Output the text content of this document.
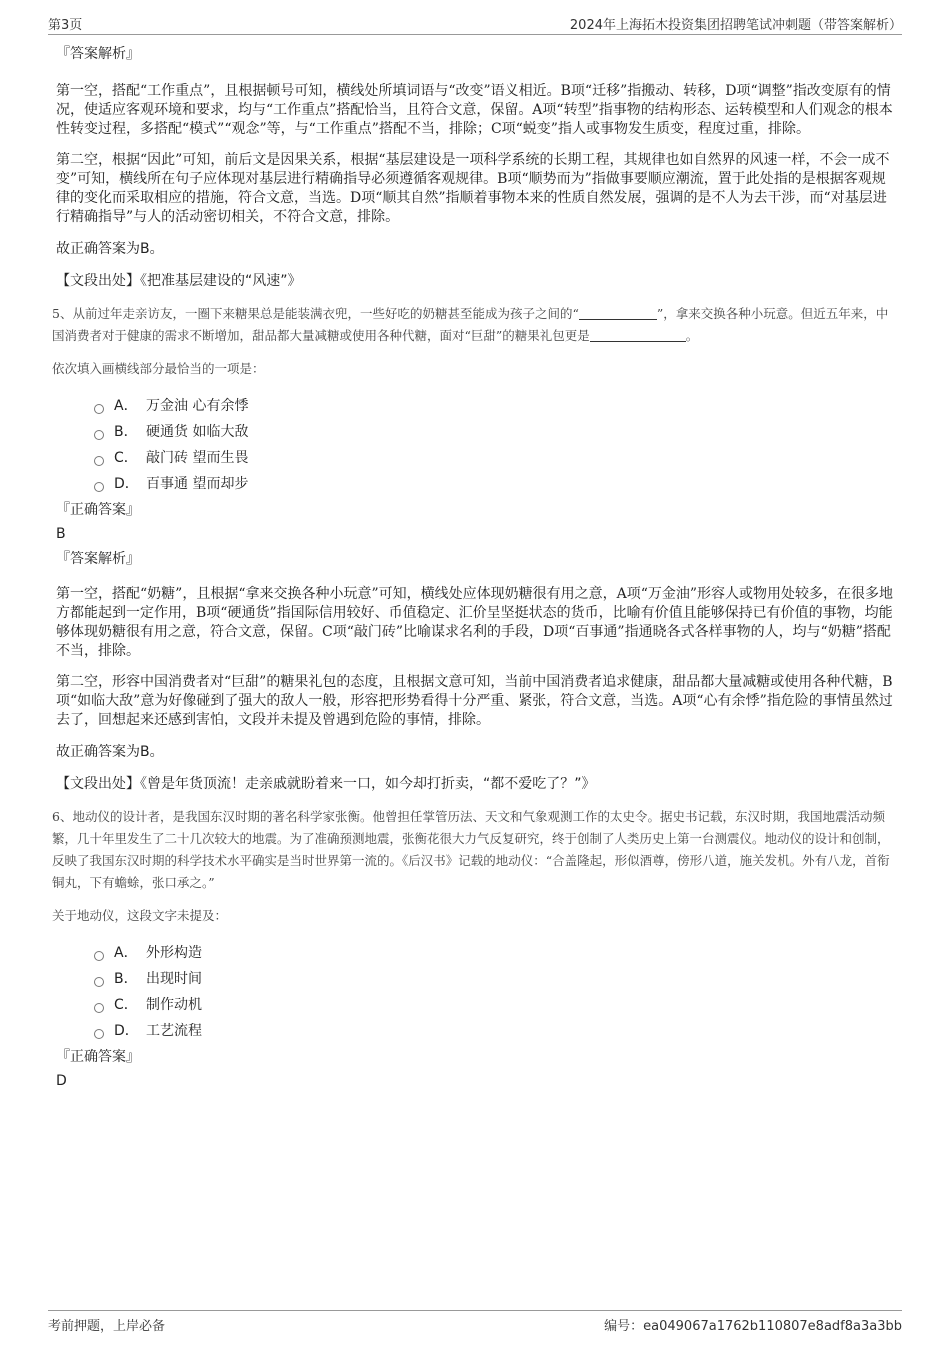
第3页	2024年上海拓木投资集团招聘笔试冲刺题（带答案解析）
『答案解析』

第一空，搭配“工作重点”，且根据顿号可知，横线处所填词语与“改变”语义相近。B项“迁移”指搬动、转移，D项“调整”指改变原有的情况，使适应客观环境和要求，均与“工作重点”搭配恰当，且符合文意，保留。A项“转型”指事物的结构形态、运转模型和人们观念的根本性转变过程，多搭配“模式”“观念”等，与“工作重点”搭配不当，排除；C项“蜕变”指人或事物发生质变，程度过重，排除。

第二空，根据“因此”可知，前后文是因果关系，根据“基层建设是一项科学系统的长期工程，其规律也如自然界的风速一样，不会一成不变”可知，横线所在句子应体现对基层进行精确指导必须遵循客观规律。B项“顺势而为”指做事要顺应潮流，置于此处指的是根据客观规律的变化而采取相应的措施，符合文意，当选。D项“顺其自然”指顺着事物本来的性质自然发展，强调的是不人为去干涉，而“对基层进行精确指导”与人的活动密切相关，不符合文意，排除。

故正确答案为B。
【文段出处】《把准基层建设的“风速”》
5、从前过年走亲访友，一圈下来糖果总是能装满衣兜，一些好吃的奶糖甚至能成为孩子之间的“	”，拿来交换各种小玩意。但近五年来，中国消费者对于健康的需求不断增加，甜品都大量减糖或使用各种代糖，面对“巨甜”的糖果礼包更是	。
依次填入画横线部分最恰当的一项是：
A． 万金油 心有余悸
B． 硬通货 如临大敌
C． 敲门砖 望而生畏
D． 百事通 望而却步
『正确答案』
B
『答案解析』

第一空，搭配“奶糖”，且根据“拿来交换各种小玩意”可知，横线处应体现奶糖很有用之意，A项“万金油”形容人或物用处较多，在很多地方都能起到一定作用，B项“硬通货”指国际信用较好、币值稳定、汇价呈坚挺状态的货币，比喻有价值且能够保持已有价值的事物，均能够体现奶糖很有用之意，符合文意，保留。C项“敲门砖”比喻谋求名利的手段，D项“百事通”指通晓各式各样事物的人，均与“奶糖”搭配不当，排除。

第二空，形容中国消费者对“巨甜”的糖果礼包的态度，且根据文意可知，当前中国消费者追求健康，甜品都大量减糖或使用各种代糖，B项“如临大敌”意为好像碰到了强大的敌人一般，形容把形势看得十分严重、紧张，符合文意，当选。A项“心有余悸”指危险的事情虽然过去了，回想起来还感到害怕，文段并未提及曾遇到危险的事情，排除。

故正确答案为B。
【文段出处】《曾是年货顶流！走亲戚就盼着来一口，如今却打折卖，“都不爱吃了？”》
6、地动仪的设计者，是我国东汉时期的著名科学家张衡。他曾担任掌管历法、天文和气象观测工作的太史令。据史书记载，东汉时期，我国地震活动频繁，几十年里发生了二十几次较大的地震。为了准确预测地震，张衡花很大力气反复研究，终于创制了人类历史上第一台测震仪。地动仪的设计和创制，反映了我国东汉时期的科学技术水平确实是当时世界第一流的。《后汉书》记载的地动仪：“合盖隆起，形似酒尊，傍形八道，施关发机。外有八龙，首衔铜丸，下有蟾蜍，张口承之。”
关于地动仪，这段文字未提及：
A． 外形构造
B． 出现时间
C． 制作动机
D． 工艺流程
『正确答案』
D
考前押题，上岸必备	编号：ea049067a1762b110807e8adf8a3a3bb
